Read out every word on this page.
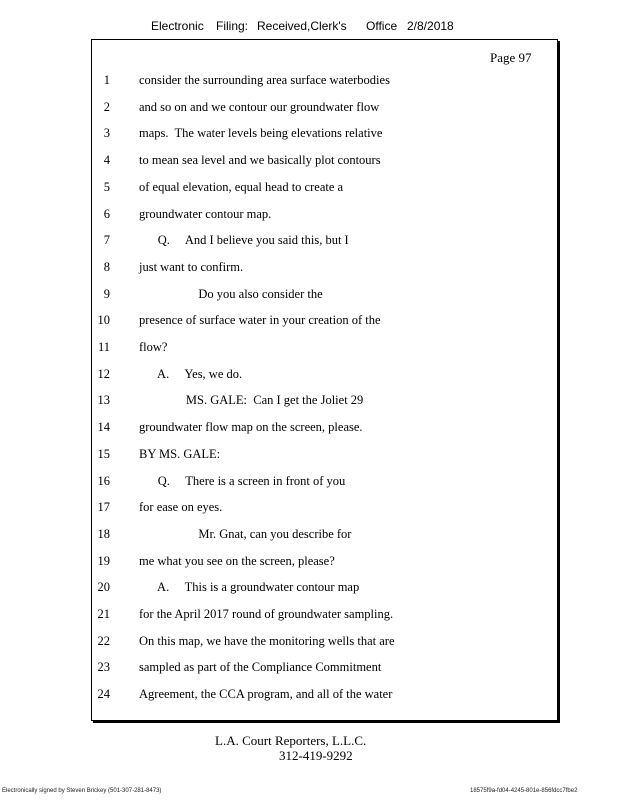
Electronic Filing: Received,Clerk's Office 2/8/2018
Page 97
1 consider the surrounding area surface waterbodies
2 and so on and we contour our groundwater flow
3 maps.  The water levels being elevations relative
4 to mean sea level and we basically plot contours
5 of equal elevation, equal head to create a
6 groundwater contour map.
7 Q.     And I believe you said this, but I
8 just want to confirm.
9 Do you also consider the
10 presence of surface water in your creation of the
11 flow?
12 A.     Yes, we do.
13 MS. GALE:  Can I get the Joliet 29
14 groundwater flow map on the screen, please.
15 BY MS. GALE:
16 Q.     There is a screen in front of you
17 for ease on eyes.
18 Mr. Gnat, can you describe for
19 me what you see on the screen, please?
20 A.     This is a groundwater contour map
21 for the April 2017 round of groundwater sampling.
22 On this map, we have the monitoring wells that are
23 sampled as part of the Compliance Commitment
24 Agreement, the CCA program, and all of the water
L.A. Court Reporters, L.L.C.
312-419-9292
Electronically signed by Steven Brickey (501-307-281-8473)	18575f9a-fd04-4245-801e-856fdcc7fbe2
